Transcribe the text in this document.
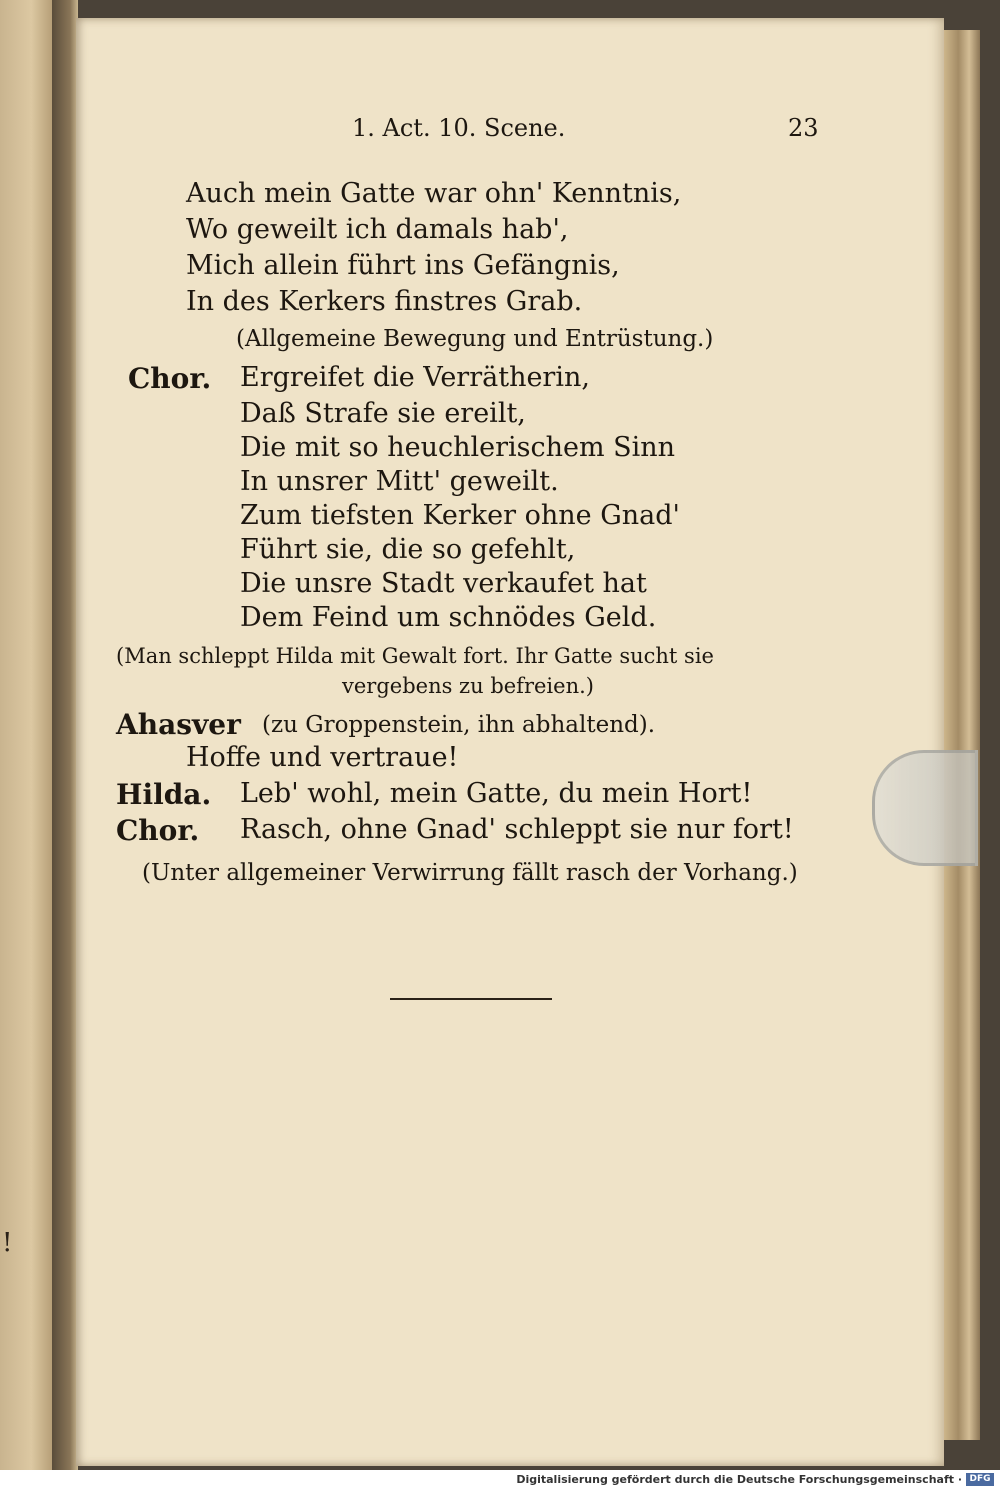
!
1. Act. 10. Scene.	23
Auch mein Gatte war ohn' Kenntnis,
Wo geweilt ich damals hab',
Mich allein führt ins Gefängnis,
In des Kerkers finstres Grab.
(Allgemeine Bewegung und Entrüstung.)
Chor. Ergreifet die Verrätherin,
Daß Strafe sie ereilt,
Die mit so heuchlerischem Sinn
In unsrer Mitt' geweilt.
Zum tiefsten Kerker ohne Gnad'
Führt sie, die so gefehlt,
Die unsre Stadt verkaufet hat
Dem Feind um schnödes Geld.
(Man schleppt Hilda mit Gewalt fort. Ihr Gatte sucht sie
vergebens zu befreien.)
Ahasver (zu Groppenstein, ihn abhaltend).
Hoffe und vertraue!
Hilda. Leb' wohl, mein Gatte, du mein Hort!
Chor. Rasch, ohne Gnad' schleppt sie nur fort!
(Unter allgemeiner Verwirrung fällt rasch der Vorhang.)
Digitalisierung gefördert durch die Deutsche Forschungsgemeinschaft · DFG
